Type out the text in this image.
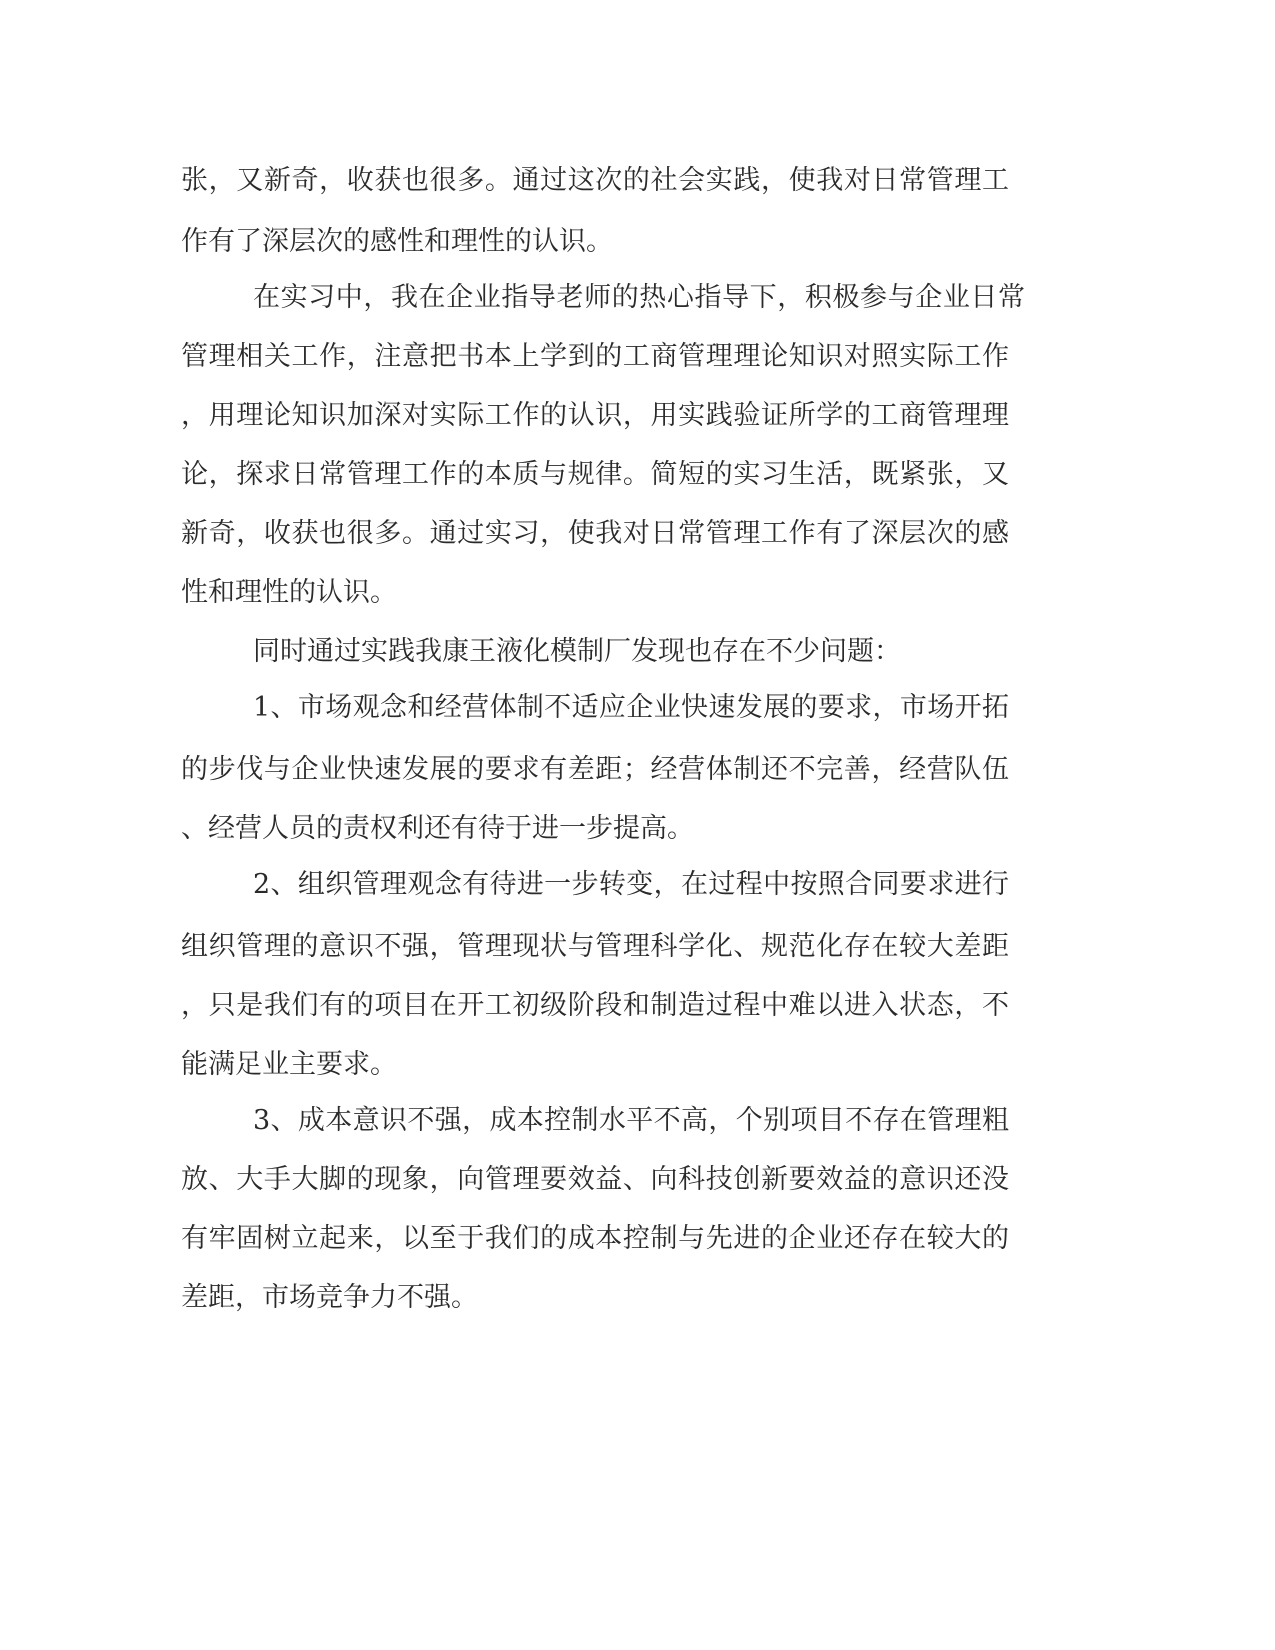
张，又新奇，收获也很多。通过这次的社会实践，使我对日常管理工
作有了深层次的感性和理性的认识。
在实习中，我在企业指导老师的热心指导下，积极参与企业日常
管理相关工作，注意把书本上学到的工商管理理论知识对照实际工作
，用理论知识加深对实际工作的认识，用实践验证所学的工商管理理
论，探求日常管理工作的本质与规律。简短的实习生活，既紧张，又
新奇，收获也很多。通过实习，使我对日常管理工作有了深层次的感
性和理性的认识。
同时通过实践我康王液化模制厂发现也存在不少问题：
1、市场观念和经营体制不适应企业快速发展的要求，市场开拓
的步伐与企业快速发展的要求有差距；经营体制还不完善，经营队伍
、经营人员的责权利还有待于进一步提高。
2、组织管理观念有待进一步转变，在过程中按照合同要求进行
组织管理的意识不强，管理现状与管理科学化、规范化存在较大差距
，只是我们有的项目在开工初级阶段和制造过程中难以进入状态，不
能满足业主要求。
3、成本意识不强，成本控制水平不高，个别项目不存在管理粗
放、大手大脚的现象，向管理要效益、向科技创新要效益的意识还没
有牢固树立起来，以至于我们的成本控制与先进的企业还存在较大的
差距，市场竞争力不强。
